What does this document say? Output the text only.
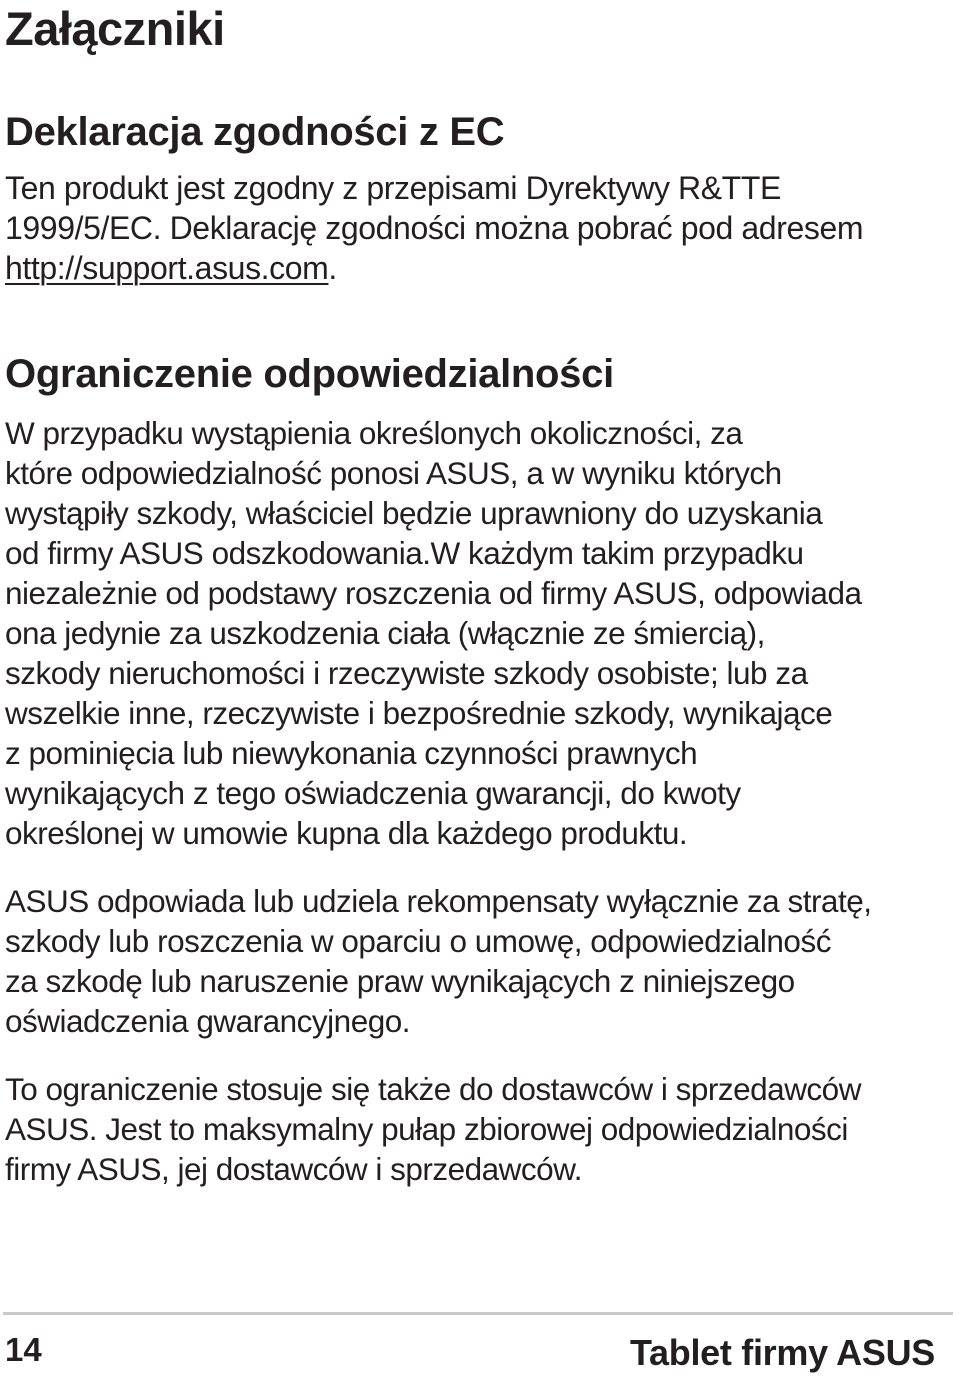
Załączniki
Deklaracja zgodności z EC

Ten produkt jest zgodny z przepisami Dyrektywy R&TTE
1999/5/EC. Deklarację zgodności można pobrać pod adresem
http://support.asus.com.

Ograniczenie odpowiedzialności

W przypadku wystąpienia określonych okoliczności, za
które odpowiedzialność ponosi ASUS, a w wyniku których
wystąpiły szkody, właściciel będzie uprawniony do uzyskania
od firmy ASUS odszkodowania.W każdym takim przypadku
niezależnie od podstawy roszczenia od firmy ASUS, odpowiada
ona jedynie za uszkodzenia ciała (włącznie ze śmiercią),
szkody nieruchomości i rzeczywiste szkody osobiste; lub za
wszelkie inne, rzeczywiste i bezpośrednie szkody, wynikające
z pominięcia lub niewykonania czynności prawnych
wynikających z tego oświadczenia gwarancji, do kwoty
określonej w umowie kupna dla każdego produktu.

ASUS odpowiada lub udziela rekompensaty wyłącznie za stratę,
szkody lub roszczenia w oparciu o umowę, odpowiedzialność
za szkodę lub naruszenie praw wynikających z niniejszego
oświadczenia gwarancyjnego.

To ograniczenie stosuje się także do dostawców i sprzedawców
ASUS. Jest to maksymalny pułap zbiorowej odpowiedzialności
firmy ASUS, jej dostawców i sprzedawców.

14	Tablet firmy ASUS
